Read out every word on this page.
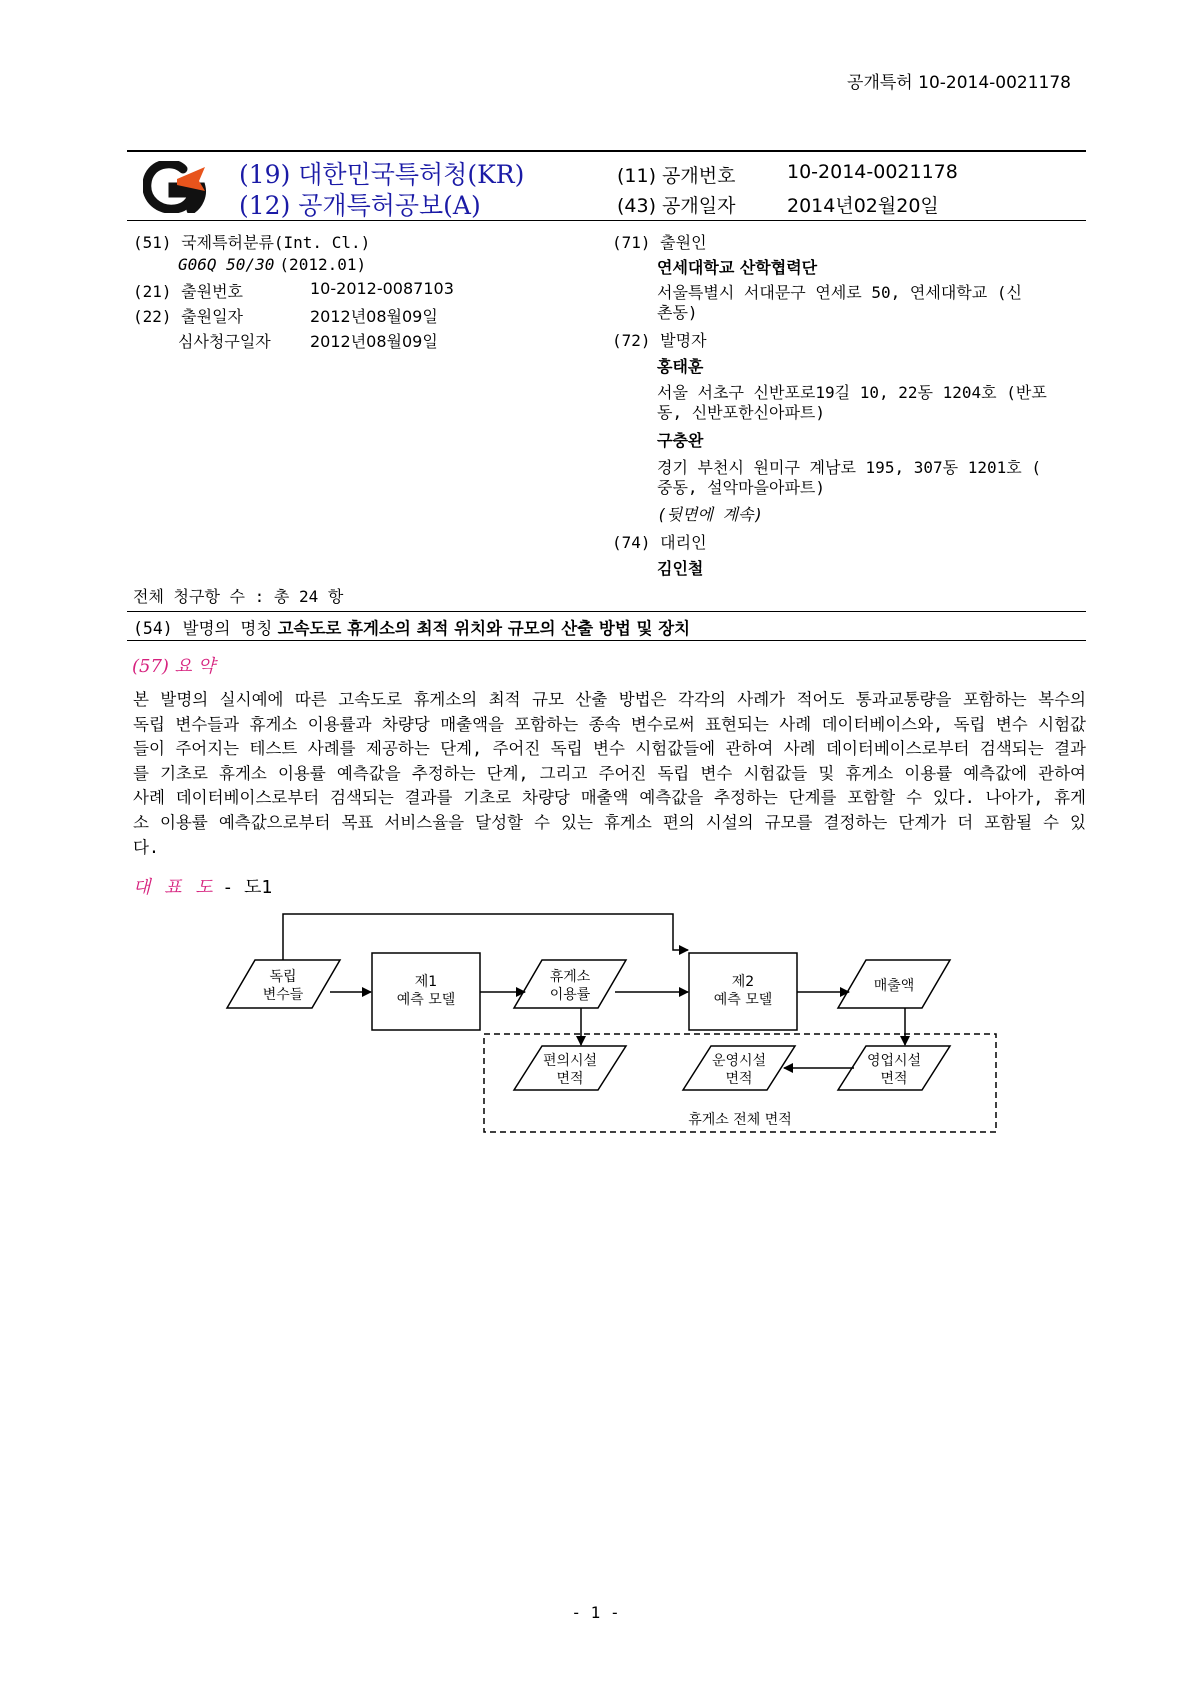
공개특허 10-2014-0021178
(19) 대한민국특허청(KR)
(12) 공개특허공보(A)
(11) 공개번호	10-2014-0021178
(43) 공개일자	2014년02월20일
(51) 국제특허분류(Int. Cl.)
G06Q 50/30 (2012.01)
(21) 출원번호	10-2012-0087103
(22) 출원일자	2012년08월09일
심사청구일자 2012년08월09일
(71) 출원인
연세대학교 산학협력단
서울특별시 서대문구 연세로 50, 연세대학교 (신
촌동)
(72) 발명자
홍태훈
서울 서초구 신반포로19길 10, 22동 1204호 (반포
동, 신반포한신아파트)
구충완
경기 부천시 원미구 계남로 195, 307동 1201호 (
중동, 설악마을아파트)
(뒷면에 계속)
(74) 대리인
김인철
전체 청구항 수 : 총 24 항
(54) 발명의 명칭 고속도로 휴게소의 최적 위치와 규모의 산출 방법 및 장치
(57) 요 약
본 발명의 실시예에 따른 고속도로 휴게소의 최적 규모 산출 방법은 각각의 사례가 적어도 통과교통량을 포함하는 복수의 독립 변수들과 휴게소 이용률과 차량당 매출액을 포함하는 종속 변수로써 표현되는 사례 데이터베이스와, 독립 변수 시험값들이 주어지는 테스트 사례를 제공하는 단계, 주어진 독립 변수 시험값들에 관하여 사례 데이터베이스로부터 검색되는 결과를 기초로 휴게소 이용률 예측값을 추정하는 단계, 그리고 주어진 독립 변수 시험값들 및 휴게소 이용률 예측값에 관하여 사례 데이터베이스로부터 검색되는 결과를 기초로 차량당 매출액 예측값을 추정하는 단계를 포함할 수 있다. 나아가, 휴게소 이용률 예측값으로부터 목표 서비스율을 달성할 수 있는 휴게소 편의 시설의 규모를 결정하는 단계가 더 포함될 수 있다.
대 표 도 - 도1
독립
변수들
제1
예측 모델
휴게소
이용률
제2
예측 모델
매출액
편의시설
면적
운영시설
면적
영업시설
면적
휴게소 전체 면적
- 1 -
